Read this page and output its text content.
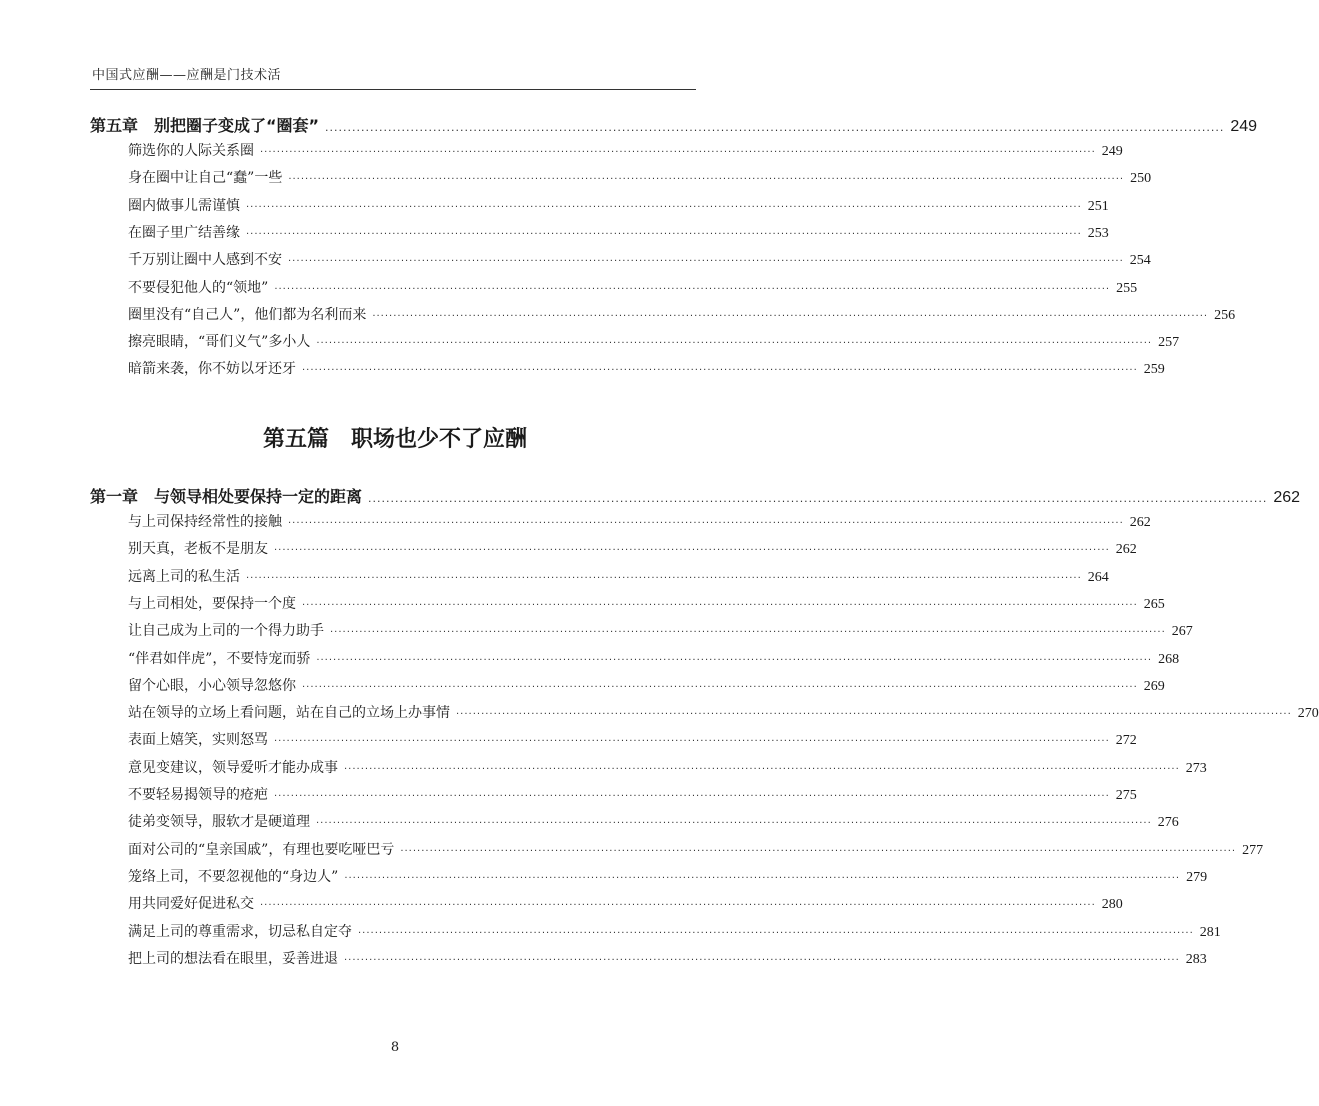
中国式应酬——应酬是门技术活
第五章　别把圈子变成了“圈套” ........................................................................................................................................................................................................ 249
筛选你的人际关系圈 ········································································································································································································ 249
身在圈中让自己“蠢”一些 ········································································································································································································ 250
圈内做事儿需谨慎 ········································································································································································································ 251
在圈子里广结善缘 ········································································································································································································ 253
千万别让圈中人感到不安 ········································································································································································································ 254
不要侵犯他人的“领地” ········································································································································································································ 255
圈里没有“自己人”，他们都为名利而来 ········································································································································································································ 256
擦亮眼睛，“哥们义气”多小人 ········································································································································································································ 257
暗箭来袭，你不妨以牙还牙 ········································································································································································································ 259
第五篇　职场也少不了应酬
第一章　与领导相处要保持一定的距离 ........................................................................................................................................................................................................ 262
与上司保持经常性的接触 ········································································································································································································ 262
别天真，老板不是朋友 ········································································································································································································ 262
远离上司的私生活 ········································································································································································································ 264
与上司相处，要保持一个度 ········································································································································································································ 265
让自己成为上司的一个得力助手 ········································································································································································································ 267
“伴君如伴虎”，不要恃宠而骄 ········································································································································································································ 268
留个心眼，小心领导忽悠你 ········································································································································································································ 269
站在领导的立场上看问题，站在自己的立场上办事情 ········································································································································································································ 270
表面上嬉笑，实则怒骂 ········································································································································································································ 272
意见变建议，领导爱听才能办成事 ········································································································································································································ 273
不要轻易揭领导的疮疤 ········································································································································································································ 275
徒弟变领导，服软才是硬道理 ········································································································································································································ 276
面对公司的“皇亲国戚”，有理也要吃哑巴亏 ········································································································································································································ 277
笼络上司，不要忽视他的“身边人” ········································································································································································································ 279
用共同爱好促进私交 ········································································································································································································ 280
满足上司的尊重需求，切忌私自定夺 ········································································································································································································ 281
把上司的想法看在眼里，妥善进退 ········································································································································································································ 283
8
